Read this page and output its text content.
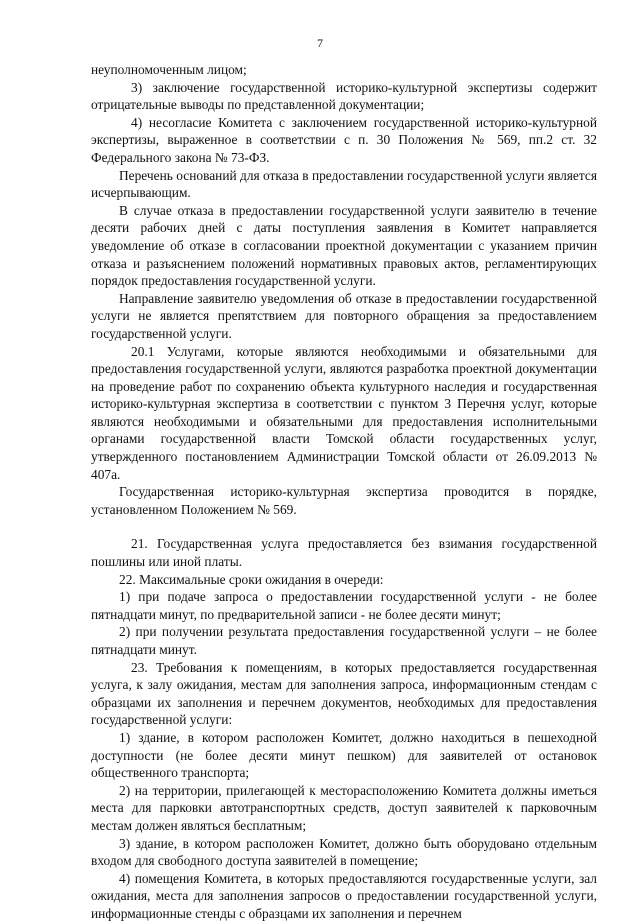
7

неуполномоченным лицом;

3) заключение государственной историко-культурной экспертизы содержит отрицательные выводы по представленной документации;

4) несогласие Комитета с заключением государственной историко-культурной экспертизы, выраженное в соответствии с п. 30 Положения № 569, пп.2 ст. 32 Федерального закона № 73-ФЗ.

Перечень оснований для отказа в предоставлении государственной услуги является исчерпывающим.

В случае отказа в предоставлении государственной услуги заявителю в течение десяти рабочих дней с даты поступления заявления в Комитет направляется уведомление об отказе в согласовании проектной документации с указанием причин отказа и разъяснением положений нормативных правовых актов, регламентирующих порядок предоставления государственной услуги.

Направление заявителю уведомления об отказе в предоставлении государственной услуги не является препятствием для повторного обращения за предоставлением государственной услуги.

20.1 Услугами, которые являются необходимыми и обязательными для предоставления государственной услуги, являются разработка проектной документации на проведение работ по сохранению объекта культурного наследия и государственная историко-культурная экспертиза в соответствии с пунктом 3 Перечня услуг, которые являются необходимыми и обязательными для предоставления исполнительными органами государственной власти Томской области государственных услуг, утвержденного постановлением Администрации Томской области от 26.09.2013 № 407а.

Государственная историко-культурная экспертиза проводится в порядке, установленном Положением № 569.

21. Государственная услуга предоставляется без взимания государственной пошлины или иной платы.

22. Максимальные сроки ожидания в очереди:

1) при подаче запроса о предоставлении государственной услуги - не более пятнадцати минут, по предварительной записи - не более десяти минут;

2) при получении результата предоставления государственной услуги – не более пятнадцати минут.

23. Требования к помещениям, в которых предоставляется государственная услуга, к залу ожидания, местам для заполнения запроса, информационным стендам с образцами их заполнения и перечнем документов, необходимых для предоставления государственной услуги:

1) здание, в котором расположен Комитет, должно находиться в пешеходной доступности (не более десяти минут пешком) для заявителей от остановок общественного транспорта;

2) на территории, прилегающей к месторасположению Комитета должны иметься места для парковки автотранспортных средств, доступ заявителей к парковочным местам должен являться бесплатным;

3) здание, в котором расположен Комитет, должно быть оборудовано отдельным входом для свободного доступа заявителей в помещение;

4) помещения Комитета, в которых предоставляются государственные услуги, зал ожидания, места для заполнения запросов о предоставлении государственной услуги, информационные стенды с образцами их заполнения и перечнем
